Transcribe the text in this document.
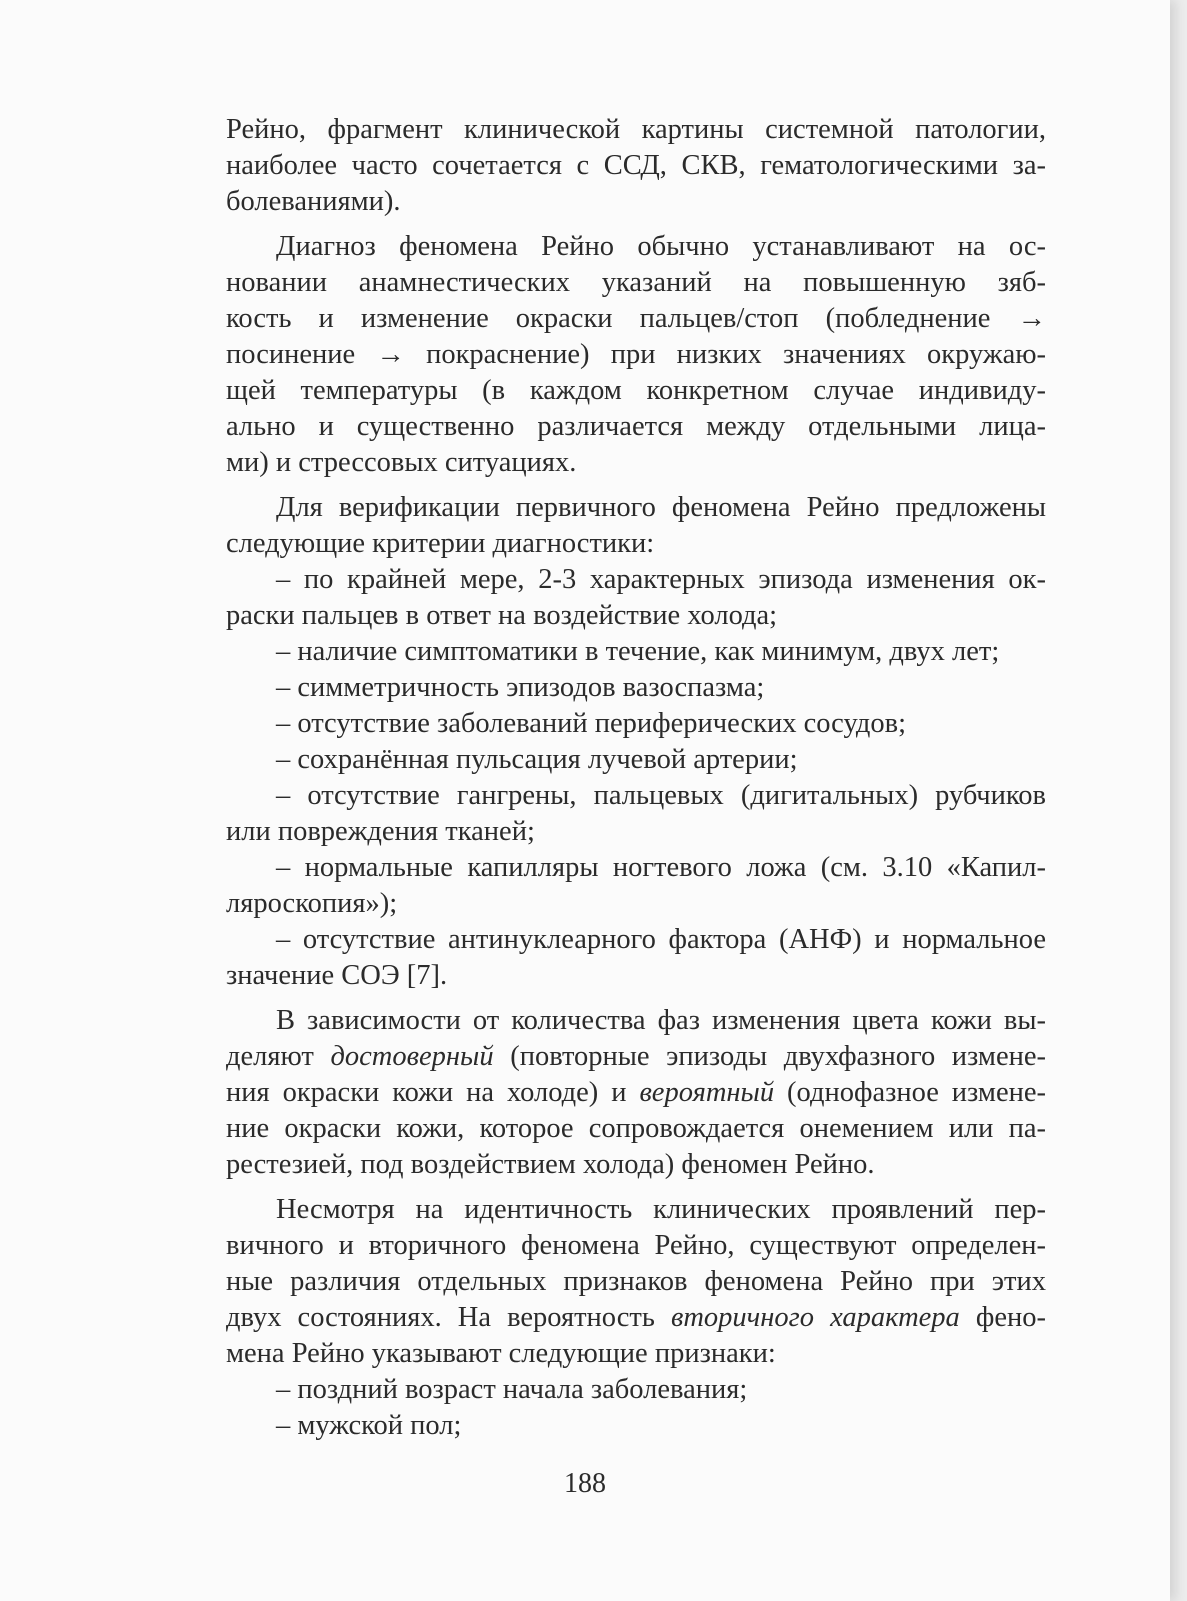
Рейно, фрагмент клинической картины системной патологии,
наиболее часто сочетается с ССД, СКВ, гематологическими за-
болеваниями).
Диагноз феномена Рейно обычно устанавливают на ос-
новании анамнестических указаний на повышенную зяб-
кость и изменение окраски пальцев/стоп (побледнение →
посинение → покраснение) при низких значениях окружаю-
щей температуры (в каждом конкретном случае индивиду-
ально и существенно различается между отдельными лица-
ми) и стрессовых ситуациях.
Для верификации первичного феномена Рейно предложены
следующие критерии диагностики:
– по крайней мере, 2-3 характерных эпизода изменения ок-
раски пальцев в ответ на воздействие холода;
– наличие симптоматики в течение, как минимум, двух лет;
– симметричность эпизодов вазоспазма;
– отсутствие заболеваний периферических сосудов;
– сохранённая пульсация лучевой артерии;
– отсутствие гангрены, пальцевых (дигитальных) рубчиков
или повреждения тканей;
– нормальные капилляры ногтевого ложа (см. 3.10 «Капил-
ляроскопия»);
– отсутствие антинуклеарного фактора (АНФ) и нормальное
значение СОЭ [7].
В зависимости от количества фаз изменения цвета кожи вы-
деляют достоверный (повторные эпизоды двухфазного измене-
ния окраски кожи на холоде) и вероятный (однофазное измене-
ние окраски кожи, которое сопровождается онемением или па-
рестезией, под воздействием холода) феномен Рейно.
Несмотря на идентичность клинических проявлений пер-
вичного и вторичного феномена Рейно, существуют определен-
ные различия отдельных признаков феномена Рейно при этих
двух состояниях. На вероятность вторичного характера фено-
мена Рейно указывают следующие признаки:
– поздний возраст начала заболевания;
– мужской пол;
188
